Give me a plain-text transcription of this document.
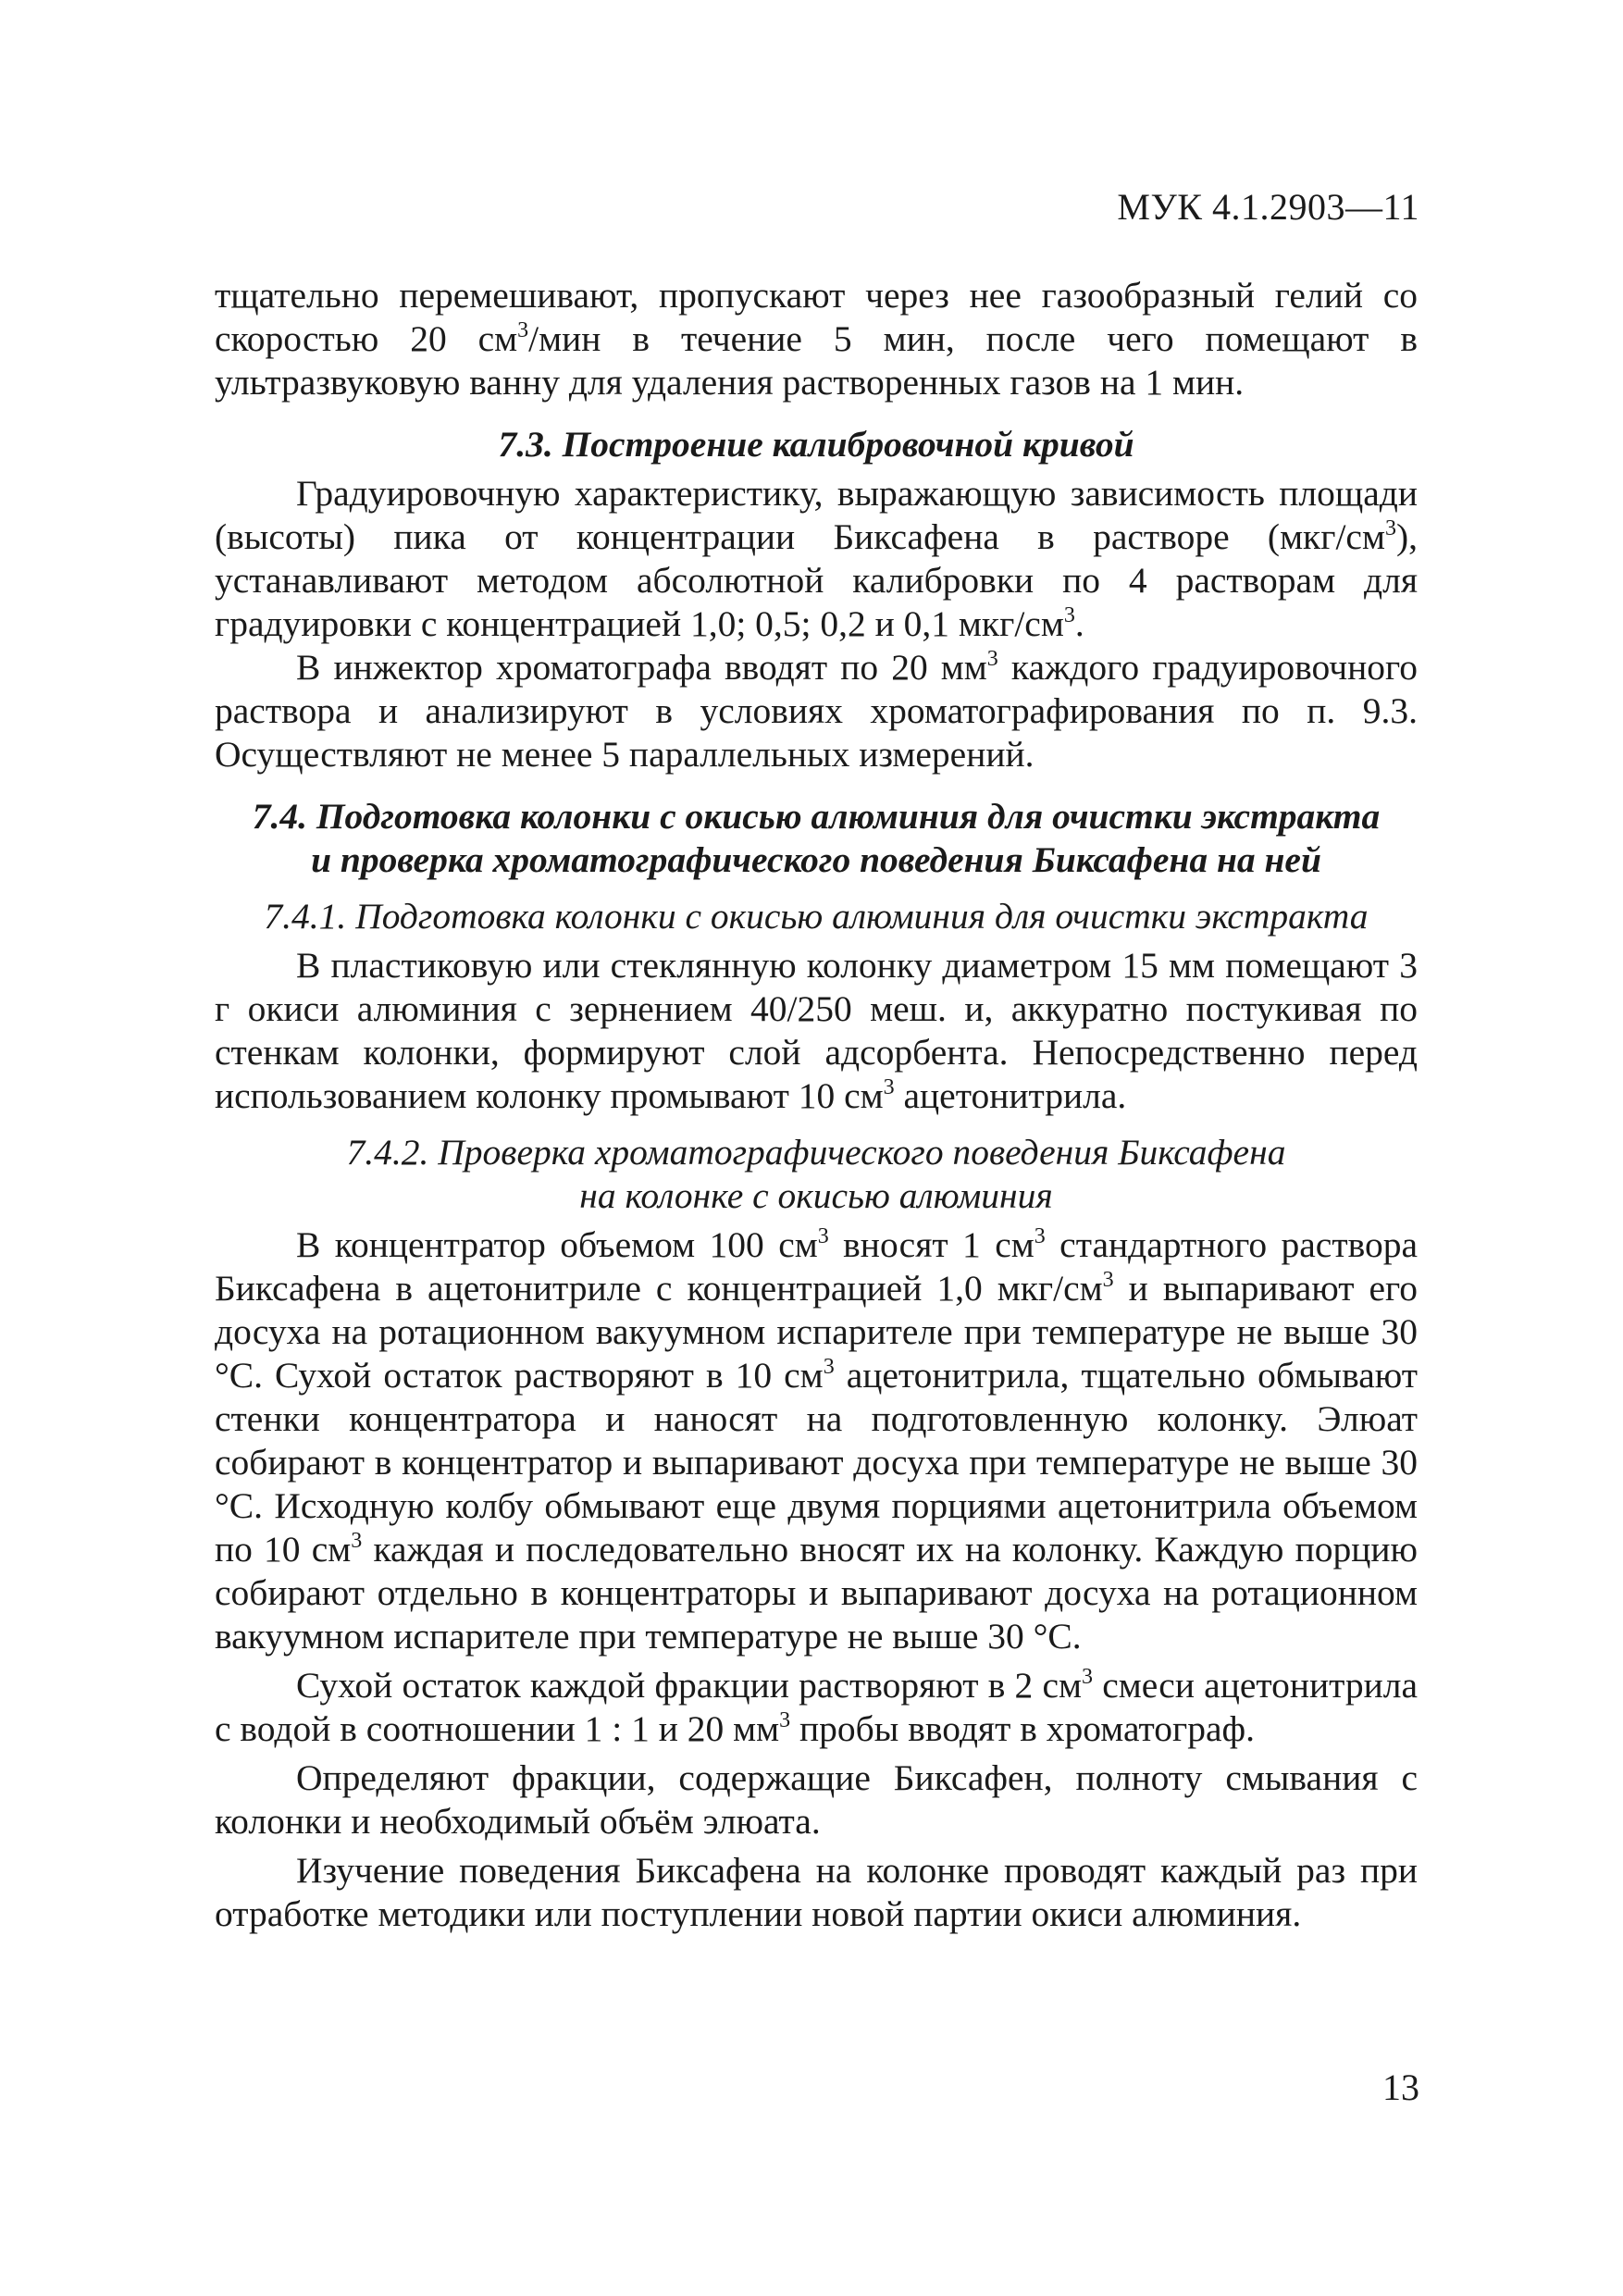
МУК 4.1.2903—11

тщательно перемешивают, пропускают через нее газообразный гелий со скоростью 20 $см^3$/мин в течение 5 мин, после чего помещают в ультразвуковую ванну для удаления растворенных газов на 1 мин.

7.3. Построение калибровочной кривой

Градуировочную характеристику, выражающую зависимость площади (высоты) пика от концентрации Биксафена в растворе $(мкг/см^3)$, устанавливают методом абсолютной калибровки по 4 растворам для градуировки с концентрацией 1,0; 0,5; 0,2 и 0,1 мкг/$см^3$.

В инжектор хроматографа вводят по 20 $мм^3$ каждого градуировочного раствора и анализируют в условиях хроматографирования по п. 9.3. Осуществляют не менее 5 параллельных измерений.

7.4. Подготовка колонки с окисью алюминия для очистки экстракта
и проверка хроматографического поведения Биксафена на ней
7.4.1. Подготовка колонки с окисью алюминия для очистки экстракта

В пластиковую или стеклянную колонку диаметром 15 мм помещают 3 г окиси алюминия с зернением 40/250 меш. и, аккуратно постукивая по стенкам колонки, формируют слой адсорбента. Непосредственно перед использованием колонку промывают 10 $см^3$ ацетонитрила.

7.4.2. Проверка хроматографического поведения Биксафена
на колонке с окисью алюминия

В концентратор объемом 100 $см^3$ вносят 1 $см^3$ стандартного раствора Биксафена в ацетонитриле с концентрацией 1,0 мкг/$см^3$ и выпаривают его досуха на ротационном вакуумном испарителе при температуре не выше 30 °С. Сухой остаток растворяют в 10 $см^3$ ацетонитрила, тщательно обмывают стенки концентратора и наносят на подготовленную колонку. Элюат собирают в концентратор и выпаривают досуха при температуре не выше 30 °С. Исходную колбу обмывают еще двумя порциями ацетонитрила объемом по 10 $см^3$ каждая и последовательно вносят их на колонку. Каждую порцию собирают отдельно в концентраторы и выпаривают досуха на ротационном вакуумном испарителе при температуре не выше 30 °С.

Сухой остаток каждой фракции растворяют в 2 $см^3$ смеси ацетонитрила с водой в соотношении 1 : 1 и 20 $мм^3$ пробы вводят в хроматограф.

Определяют фракции, содержащие Биксафен, полноту смывания с колонки и необходимый объём элюата.

Изучение поведения Биксафена на колонке проводят каждый раз при отработке методики или поступлении новой партии окиси алюминия.

13
